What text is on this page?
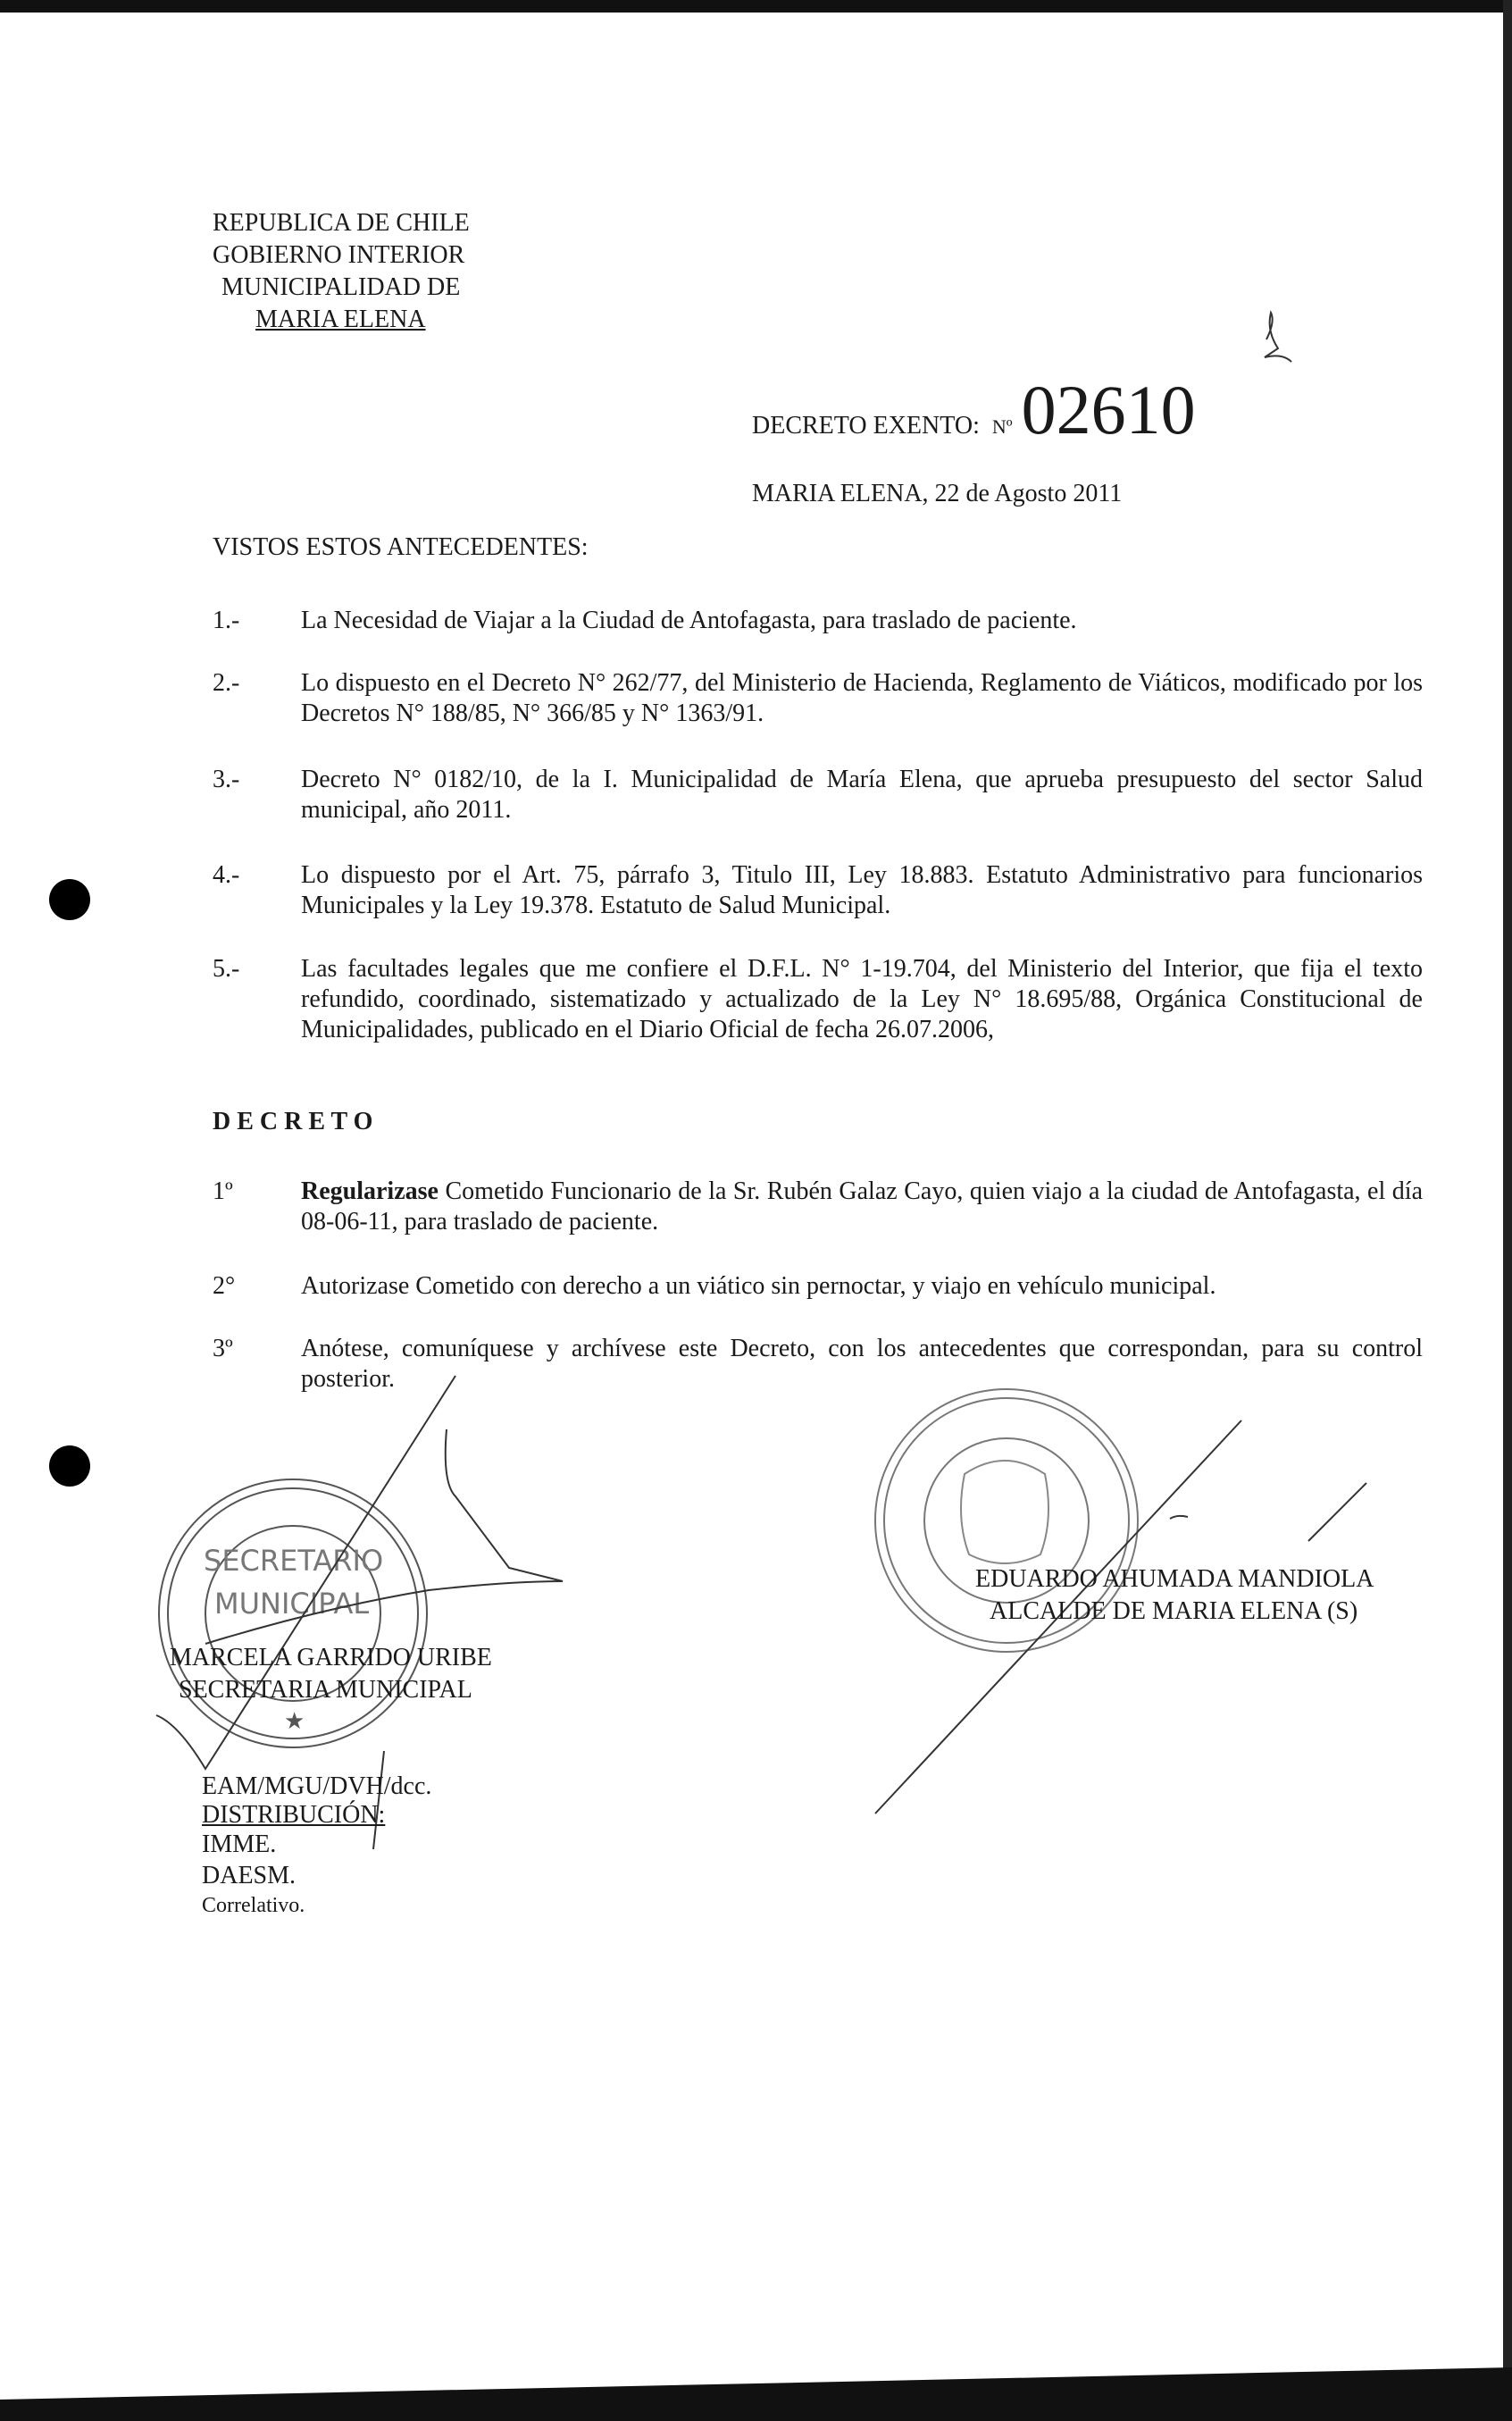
REPUBLICA DE CHILE
GOBIERNO INTERIOR
MUNICIPALIDAD DE
MARIA ELENA
DECRETO EXENTO: Nº 02610
MARIA ELENA, 22 de Agosto 2011
VISTOS ESTOS ANTECEDENTES:
1.- La Necesidad de Viajar a la Ciudad de Antofagasta, para traslado de paciente.
2.- Lo dispuesto en el Decreto N° 262/77, del Ministerio de Hacienda, Reglamento de Viáticos, modificado por los Decretos N° 188/85, N° 366/85 y N° 1363/91.
3.- Decreto N° 0182/10, de la I. Municipalidad de María Elena, que aprueba presupuesto del sector Salud municipal, año 2011.
4.- Lo dispuesto por el Art. 75, párrafo 3, Titulo III, Ley 18.883. Estatuto Administrativo para funcionarios Municipales y la Ley 19.378. Estatuto de Salud Municipal.
5.- Las facultades legales que me confiere el D.F.L. N° 1-19.704, del Ministerio del Interior, que fija el texto refundido, coordinado, sistematizado y actualizado de la Ley N° 18.695/88, Orgánica Constitucional de Municipalidades, publicado en el Diario Oficial de fecha 26.07.2006,
D E C R E T O
1º	Regularizase Cometido Funcionario de la Sr. Rubén Galaz Cayo, quien viajo a la ciudad de Antofagasta, el día 08-06-11, para traslado de paciente.
2°	Autorizase Cometido con derecho a un viático sin pernoctar, y viajo en vehículo municipal.
3º	Anótese, comuníquese y archívese este Decreto, con los antecedentes que correspondan, para su control posterior.
SECRETARIO
MUNICIPAL
★
MARCELA GARRIDO URIBE
SECRETARIA MUNICIPAL
EDUARDO AHUMADA MANDIOLA
ALCALDE DE MARIA ELENA (S)
EAM/MGU/DVH/dcc.
DISTRIBUCIÓN:
IMME.
DAESM.
Correlativo.
